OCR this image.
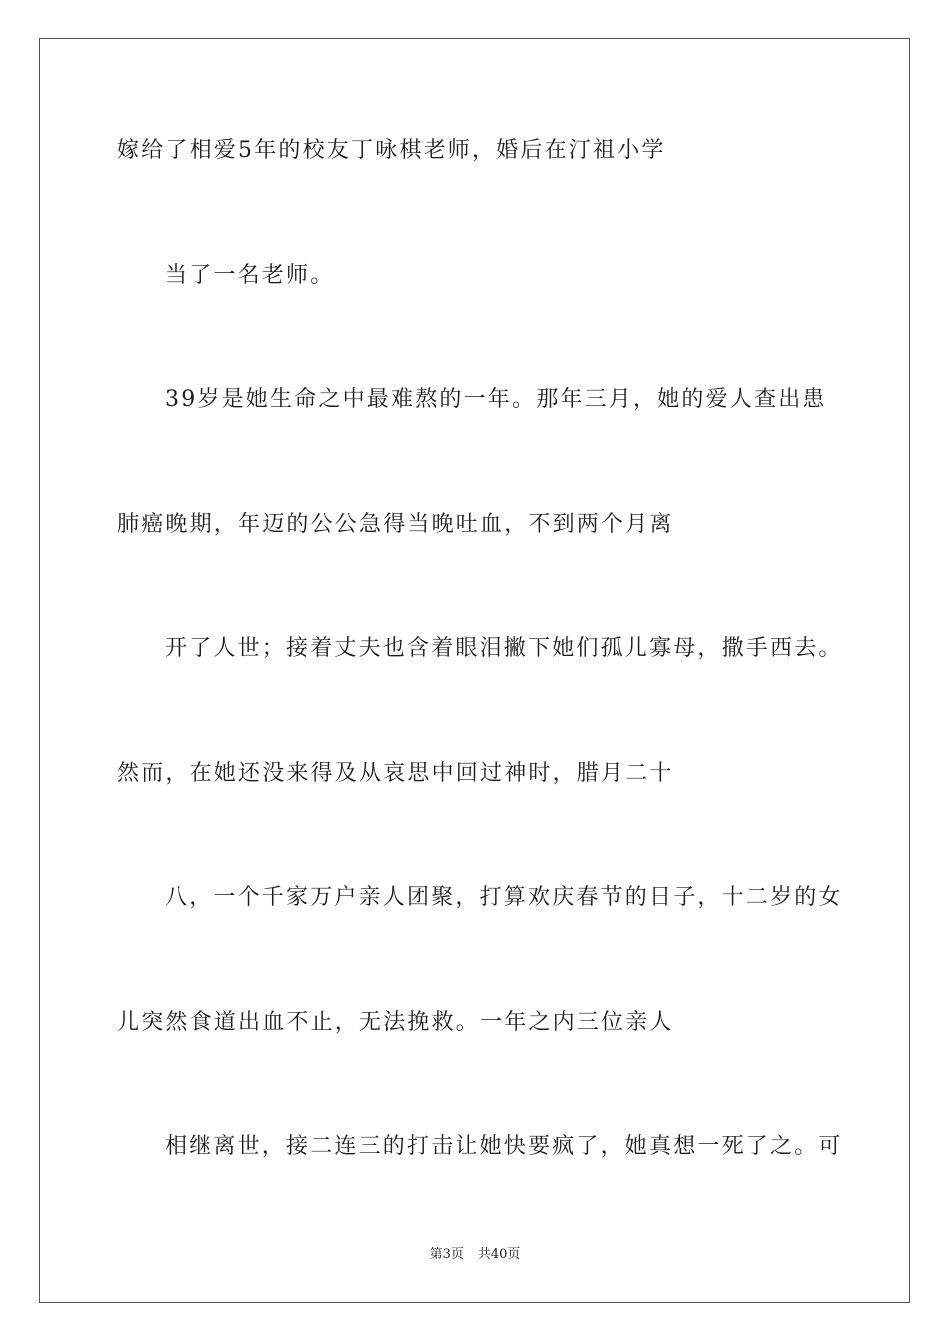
嫁给了相爱5年的校友丁咏棋老师，婚后在汀祖小学
当了一名老师。
39岁是她生命之中最难熬的一年。那年三月，她的爱人查出患
肺癌晚期，年迈的公公急得当晚吐血，不到两个月离
开了人世；接着丈夫也含着眼泪撇下她们孤儿寡母，撒手西去。
然而，在她还没来得及从哀思中回过神时，腊月二十
八，一个千家万户亲人团聚，打算欢庆春节的日子，十二岁的女
儿突然食道出血不止，无法挽救。一年之内三位亲人
相继离世，接二连三的打击让她快要疯了，她真想一死了之。可
第3页 共40页
